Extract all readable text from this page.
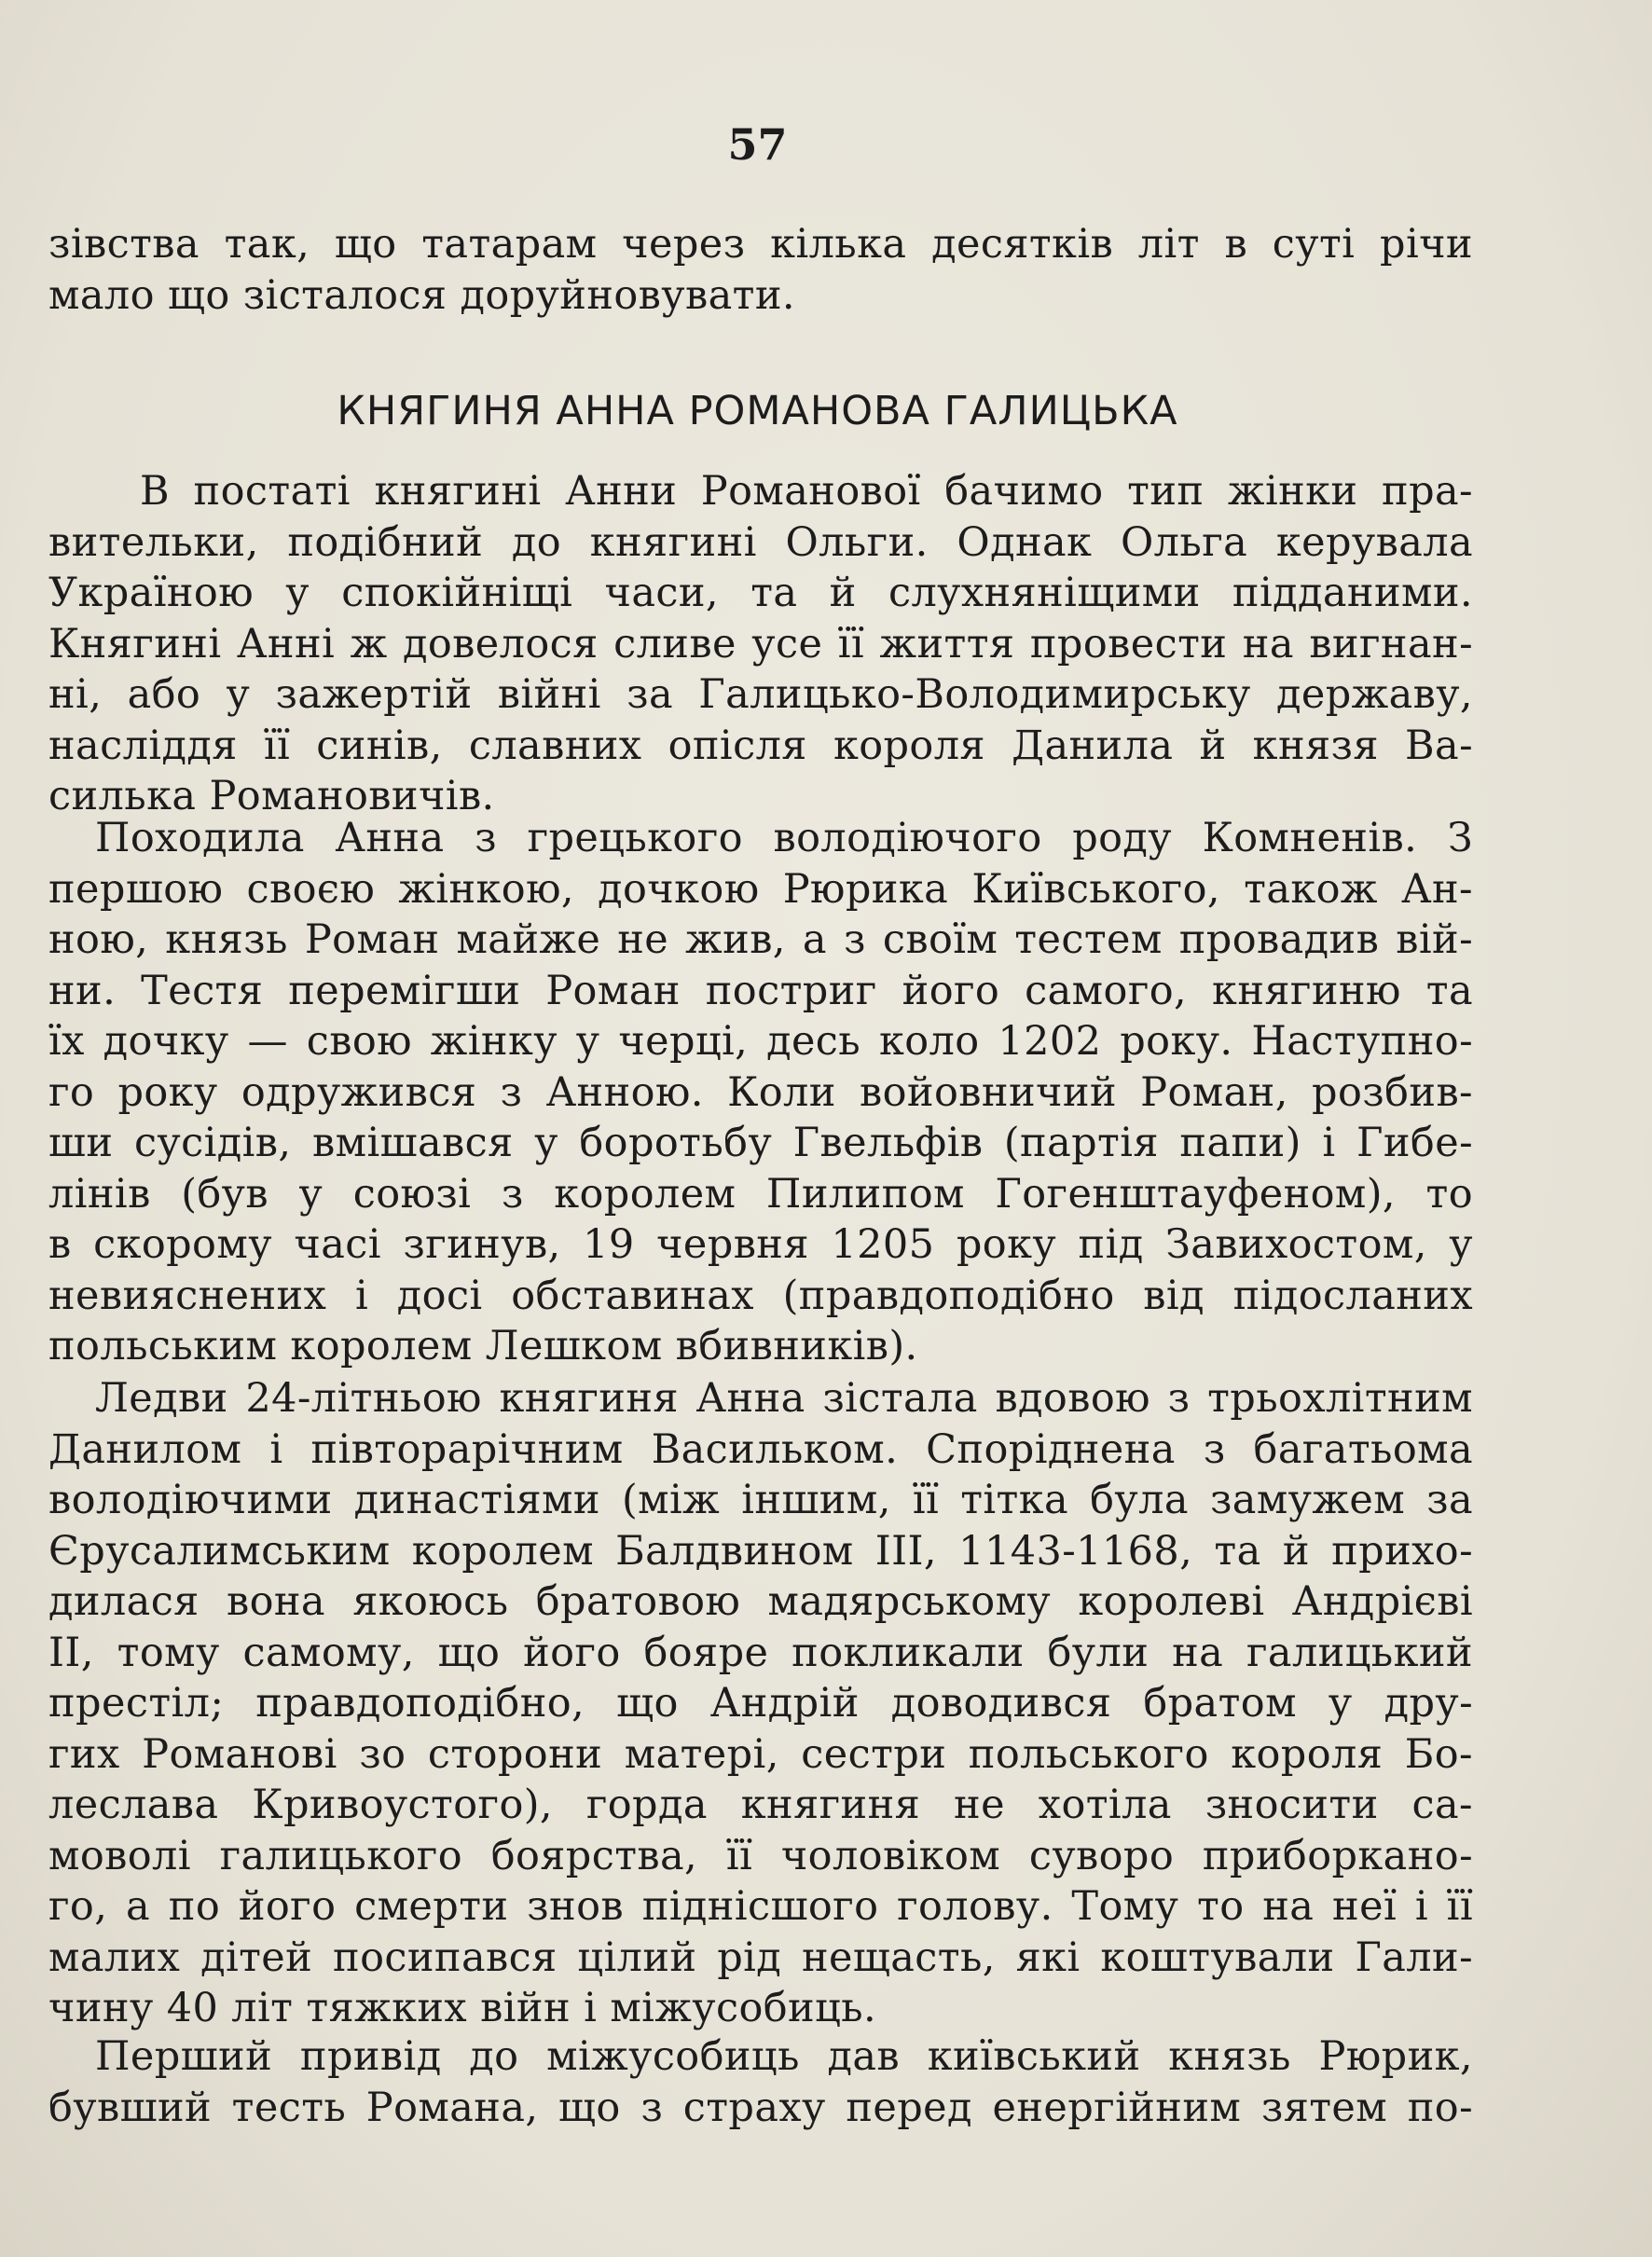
57
зівства так, що татарам через кілька десятків літ в суті річи
мало що зісталося доруйновувати.
КНЯГИНЯ АННА РОМАНОВА ГАЛИЦЬКА
В постаті княгині Анни Романової бачимо тип жінки пра-
вительки, подібний до княгині Ольги. Однак Ольга керувала
Україною у спокійніщі часи, та й слухняніщими підданими.
Княгині Анні ж довелося сливе усе її життя провести на вигнан-
ні, або у зажертій війні за Галицько-Володимирську державу,
насліддя її синів, славних опісля короля Данила й князя Ва-
силька Романовичів.
Походила Анна з грецького володіючого роду Комненів. З
першою своєю жінкою, дочкою Рюрика Київського, також Ан-
ною, князь Роман майже не жив, а з своїм тестем провадив вій-
ни. Тестя перемігши Роман постриг його самого, княгиню та
їх дочку — свою жінку у черці, десь коло 1202 року. Наступно-
го року одружився з Анною. Коли войовничий Роман, розбив-
ши сусідів, вмішався у боротьбу Гвельфів (партія папи) і Гибе-
лінів (був у союзі з королем Пилипом Гогенштауфеном), то
в скорому часі згинув, 19 червня 1205 року під Завихостом, у
невияснених і досі обставинах (правдоподібно від підосланих
польським королем Лешком вбивників).
Ледви 24-літньою княгиня Анна зістала вдовою з трьохлітним
Данилом і півторарічним Васильком. Споріднена з багатьома
володіючими династіями (між іншим, її тітка була замужем за
Єрусалимським королем Балдвином III, 1143-1168, та й прихо-
дилася вона якоюсь братовою мадярському королеві Андрієві
II, тому самому, що його бояре покликали були на галицький
престіл; правдоподібно, що Андрій доводився братом у дру-
гих Романові зо сторони матері, сестри польського короля Бо-
леслава Кривоустого), горда княгиня не хотіла зносити са-
моволі галицького боярства, її чоловіком суворо приборкано-
го, а по його смерти знов піднісшого голову. Тому то на неї і її
малих дітей посипався цілий рід нещасть, які коштували Гали-
чину 40 літ тяжких війн і міжусобиць.
Перший привід до міжусобиць дав київський князь Рюрик,
бувший тесть Романа, що з страху перед енергійним зятем по-
